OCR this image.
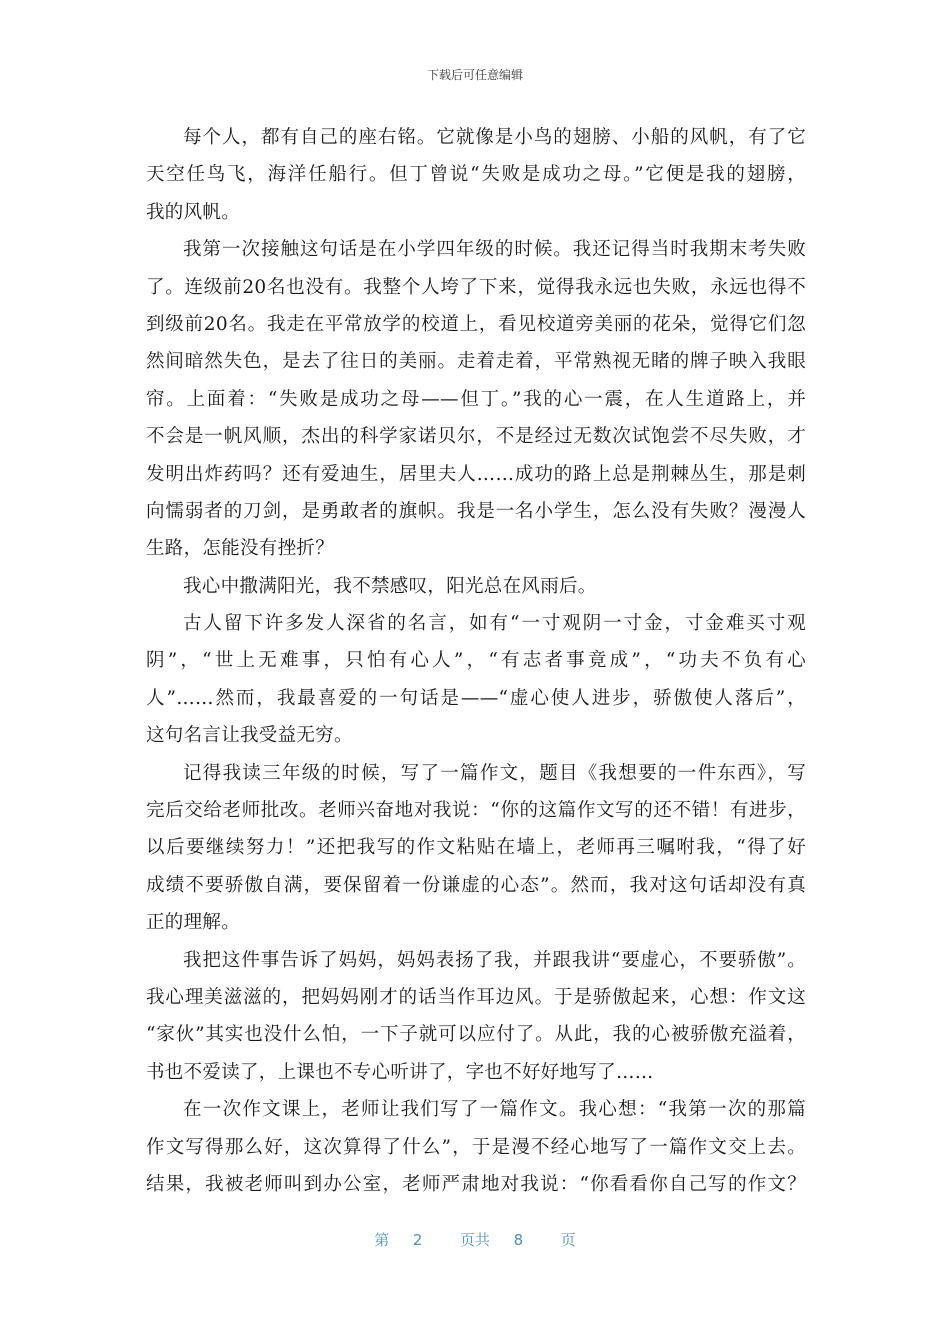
下载后可任意编辑
每个人，都有自己的座右铭。它就像是小鸟的翅膀、小船的风帆，有了它
天空任鸟飞，海洋任船行。但丁曾说“失败是成功之母。”它便是我的翅膀，
我的风帆。
我第一次接触这句话是在小学四年级的时候。我还记得当时我期末考失败
了。连级前20名也没有。我整个人垮了下来，觉得我永远也失败，永远也得不
到级前20名。我走在平常放学的校道上，看见校道旁美丽的花朵，觉得它们忽
然间暗然失色，是去了往日的美丽。走着走着，平常熟视无睹的牌子映入我眼
帘。上面着：“失败是成功之母——但丁。”我的心一震，在人生道路上，并
不会是一帆风顺，杰出的科学家诺贝尔，不是经过无数次试饱尝不尽失败，才
发明出炸药吗？还有爱迪生，居里夫人……成功的路上总是荆棘丛生，那是刺
向懦弱者的刀剑，是勇敢者的旗帜。我是一名小学生，怎么没有失败？漫漫人
生路，怎能没有挫折？
我心中撒满阳光，我不禁感叹，阳光总在风雨后。
古人留下许多发人深省的名言，如有“一寸观阴一寸金，寸金难买寸观
阴”，“世上无难事，只怕有心人”，“有志者事竟成”，“功夫不负有心
人”……然而，我最喜爱的一句话是——“虚心使人进步，骄傲使人落后”，
这句名言让我受益无穷。
记得我读三年级的时候，写了一篇作文，题目《我想要的一件东西》，写
完后交给老师批改。老师兴奋地对我说：“你的这篇作文写的还不错！有进步，
以后要继续努力！”还把我写的作文粘贴在墙上，老师再三嘱咐我，“得了好
成绩不要骄傲自满，要保留着一份谦虚的心态”。然而，我对这句话却没有真
正的理解。
我把这件事告诉了妈妈，妈妈表扬了我，并跟我讲“要虚心，不要骄傲”。
我心理美滋滋的，把妈妈刚才的话当作耳边风。于是骄傲起来，心想：作文这
“家伙”其实也没什么怕，一下子就可以应付了。从此，我的心被骄傲充溢着，
书也不爱读了，上课也不专心听讲了，字也不好好地写了……
在一次作文课上，老师让我们写了一篇作文。我心想：“我第一次的那篇
作文写得那么好，这次算得了什么”，于是漫不经心地写了一篇作文交上去。
结果，我被老师叫到办公室，老师严肃地对我说：“你看看你自己写的作文？
第 2	页共 8	页
